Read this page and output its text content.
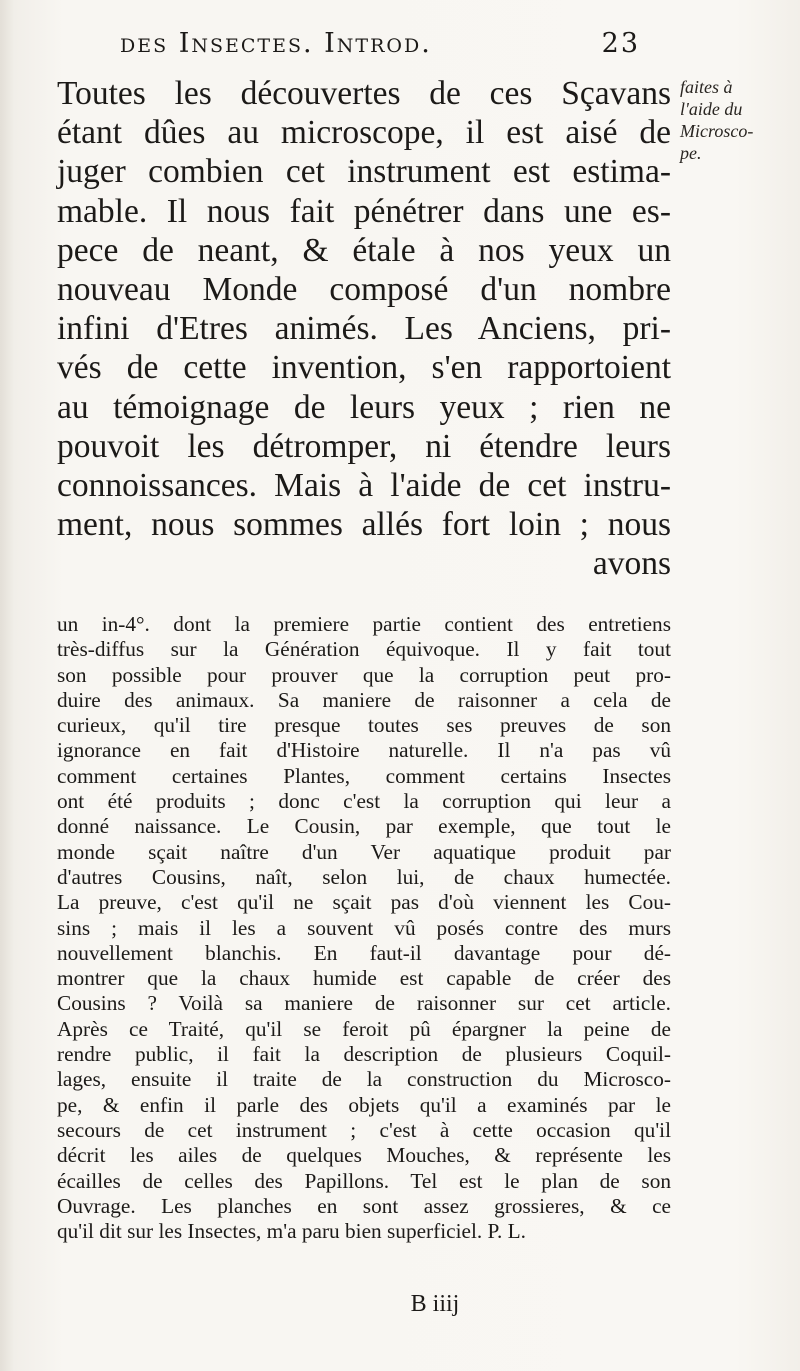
des Insectes. Introd.	23
Toutes les découvertes de ces Sçavans
étant dûes au microscope, il est aisé de
juger combien cet instrument est estima-
mable. Il nous fait pénétrer dans une es-
pece de neant, & étale à nos yeux un
nouveau Monde composé d'un nombre
infini d'Etres animés. Les Anciens, pri-
vés de cette invention, s'en rapportoient
au témoignage de leurs yeux ; rien ne
pouvoit les détromper, ni étendre leurs
connoissances. Mais à l'aide de cet instru-
ment, nous sommes allés fort loin ; nous
avons
faites à
l'aide du
Microsco-
pe.
un in-4°. dont la premiere partie contient des entretiens
très-diffus sur la Génération équivoque. Il y fait tout
son possible pour prouver que la corruption peut pro-
duire des animaux. Sa maniere de raisonner a cela de
curieux, qu'il tire presque toutes ses preuves de son
ignorance en fait d'Histoire naturelle. Il n'a pas vû
comment certaines Plantes, comment certains Insectes
ont été produits ; donc c'est la corruption qui leur a
donné naissance. Le Cousin, par exemple, que tout le
monde sçait naître d'un Ver aquatique produit par
d'autres Cousins, naît, selon lui, de chaux humectée.
La preuve, c'est qu'il ne sçait pas d'où viennent les Cou-
sins ; mais il les a souvent vû posés contre des murs
nouvellement blanchis. En faut-il davantage pour dé-
montrer que la chaux humide est capable de créer des
Cousins ? Voilà sa maniere de raisonner sur cet article.
Après ce Traité, qu'il se feroit pû épargner la peine de
rendre public, il fait la description de plusieurs Coquil-
lages, ensuite il traite de la construction du Microsco-
pe, & enfin il parle des objets qu'il a examinés par le
secours de cet instrument ; c'est à cette occasion qu'il
décrit les ailes de quelques Mouches, & représente les
écailles de celles des Papillons. Tel est le plan de son
Ouvrage. Les planches en sont assez grossieres, & ce
qu'il dit sur les Insectes, m'a paru bien superficiel. P. L.
B iiij
